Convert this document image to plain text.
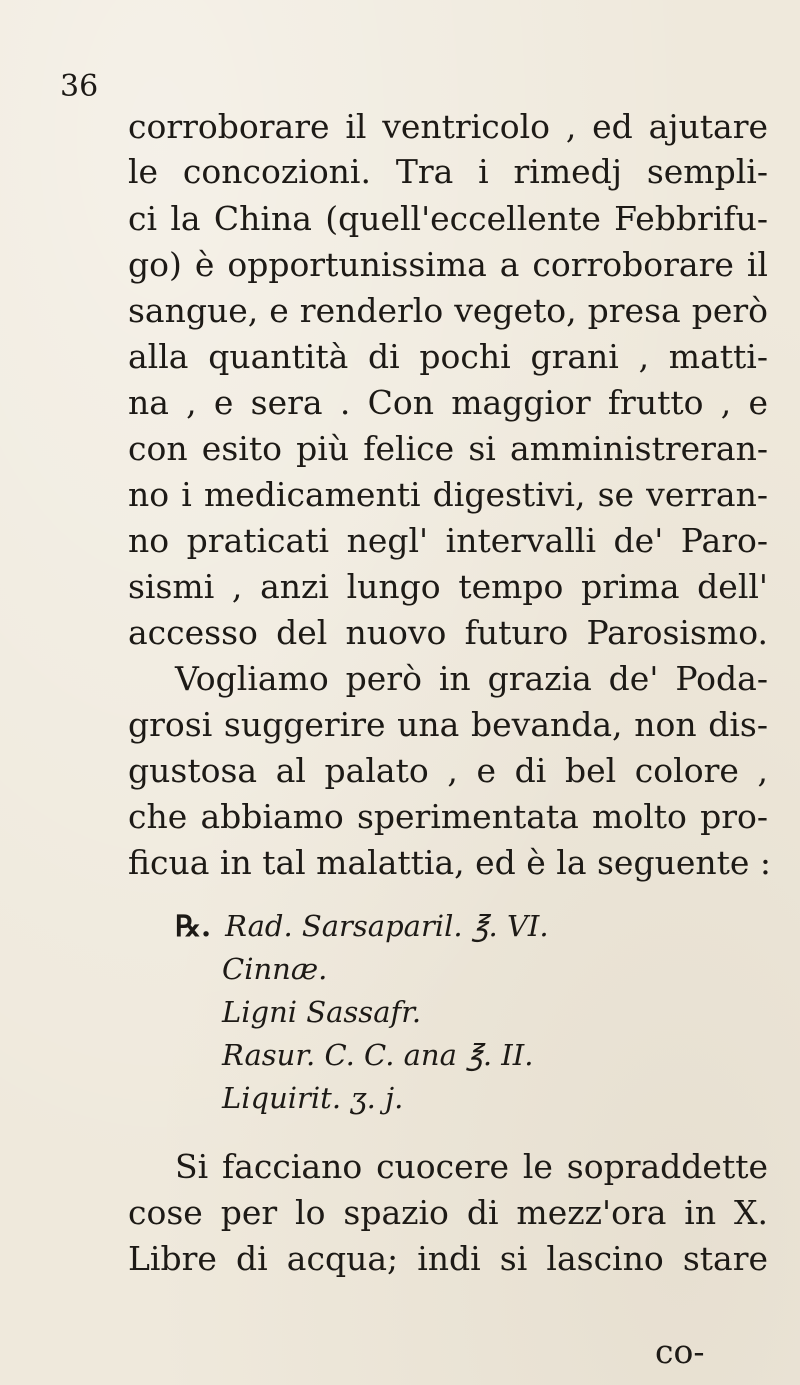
36
corroborare il ventricolo , ed ajutare
le concozioni. Tra i rimedj sempli-
ci la China (quell'eccellente Febbrifu-
go) è opportunissima a corroborare il
sangue, e renderlo vegeto, presa però
alla quantità di pochi grani , matti-
na , e sera . Con maggior frutto , e
con esito più felice si amministreran-
no i medicamenti digestivi, se verran-
no praticati negl' intervalli de' Paro-
sismi , anzi lungo tempo prima dell'
accesso del nuovo futuro Parosismo.
Vogliamo però in grazia de' Poda-
grosi suggerire una bevanda, non dis-
gustosa al palato , e di bel colore ,
che abbiamo sperimentata molto pro-
ficua in tal malattia, ed è la seguente :
℞. Rad. Sarsaparil. ℥. VI.
Cinnæ.
Ligni Sassafr.
Rasur. C. C. ana ℥. II.
Liquirit. ʒ. j.
Si facciano cuocere le sopraddette
cose per lo spazio di mezz'ora in X.
Libre di acqua; indi si lascino stare
co-
